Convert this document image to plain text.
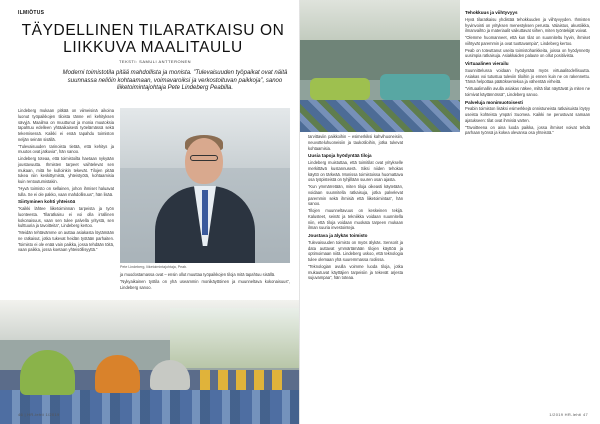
ILMIÖTUS
TÄYDELLINEN TILARATKAISU ON
LIIKKUVA MAALITAULU
TEKSTI: SAMULI ANTTERONEN
Moderni toimistotila pitää mahdollista ja monista. ”Tulevaisuuden työpaikat ovat näitä suunnassa neliöin kohtaamaan, voimavaroiksi ja verkostoituvan paikkoja”, sanoo liiketoimintajohtaja Pete Lindeberg Peabilla.

Lindeberg mukaan pitkää on viimeisinä aikoina luonut työpaikkojen tiloista tänne eri kehityksen sävyjä. Maailma on muuttunut ja monia muutoksia tapahtuu edelleen yhtäaikaisesti työelämässä sekä tekemisessä. Kaikki ei enää tapahdu toimiston neljän seinän sisällä.

”Tulevaisuuden tarinoista tietää, että kehitys ja muutos ovat jatkuvia”, hän sanoo.

Lindeberg toteaa, että toimistoilta haetaan nykyään joustavuutta. Ihmisten tarpeet vaihtelevat sen mukaan, mitä he kulloinkin tekevät. Tilojen pitää tukea niin keskittymistä, yhteistyötä, kohtaamisia kuin rentoutumistakin.

”Hyvä toimisto on sellainen, johon ihmiset haluavat tulla. Se ei ole pakko, vaan mahdollisuus”, hän lisää.

Siirtyminen kohti yhteisöä

”Kaikki lähtee liiketoiminnan tarpeista ja työn luonteesta. Tilaratkaisu ei voi olla irrallinen kokonaisuus, vaan sen tulee palvella yritystä, sen kulttuuria ja tavoitteita”, Lindeberg kertoo.

”Meidän tehtävämme on auttaa asiakasta löytämään ne ratkaisut, jotka tukevat heidän työtään parhaiten. Toimisto ei ole enää vain paikka, jossa tehdään töitä, vaan paikka, jossa koetaan yhteisöllisyyttä.”

Pete Lindeberg, liiketoimintajohtaja, Peab.

ja muodostamassa ovat – ensin ollut muuttaa työpaikkojen tiloja mitä tapahtuu sisällä.

”Nykyaikainen työtila on yhä useammin monikäyttöinen ja muunneltava kokonaisuus”, Lindeberg sanoo.

46 | HR-lehti 1/2019

tarvittaviin paikkoihin – esimerkiksi kahvihuoneisiin, neuvotteluhuoneisiin ja taukotiloihin, jotka tukevat kohtaamisia.

Uusia tapoja hyödyntää tiloja

Lindeberg muistuttaa, että toimitilat ovat yritykselle merkittävä kustannuserä. Siksi niiden tehokas käyttö on tärkeää. Monissa toimistoissa huomattava osa työpisteistä on tyhjillään suuren osan ajasta.

”Kun ymmärretään, miten tiloja oikeasti käytetään, voidaan suunnitella ratkaisuja, jotka palvelevat paremmin sekä ihmisiä että liiketoimintaa”, hän sanoo.

Tilojen muunneltavuus on keskeinen tekijä. Kalusteet, seinät ja tekniikka voidaan suunnitella niin, että tiloja voidaan muokata tarpeen mukaan ilman suuria investointeja.

Joustava ja älykäs toimisto

Tulevaisuuden toimisto on myös älykäs. Sensorit ja data auttavat ymmärtämään tilojen käyttöä ja optimoimaan niitä. Lindeberg uskoo, että teknologia tulee olemaan yhä suuremmassa roolissa.

”Teknologian avulla voimme luoda tiloja, jotka mukautuvat käyttäjien tarpeisiin ja tekevät arjesta sujuvampaa”, hän toteaa.

Tehokkuus ja viihtyvyys

Hyvä tilaratkaisu yhdistää tehokkuuden ja viihtyvyyden. Ihmisten hyvinvointi on yrityksen menestyksen perusta. Valaistus, akustiikka, ilmanvaihto ja materiaalit vaikuttavat siihen, miten työntekijät voivat.

”Olemme huomanneet, että kun tilat on suunniteltu hyvin, ihmiset viihtyvät paremmin ja ovat tuottavampia”, Lindeberg kertoo.

Peab on toteuttanut useita toimistohankkeita, joissa on hyödynnetty uusimpia ratkaisuja. Asiakkaiden palaute on ollut positiivista.

Virtuaalinen vierailu

Suunnittelussa voidaan hyödyntää myös virtuaalitodellisuutta. Asiakas voi tutustua tuleviin tiloihin jo ennen kuin ne on rakennettu. Tämä helpottaa päätöksentekoa ja vähentää virheitä.

”Virtuaalimallin avulla asiakas näkee, miltä tilat näyttävät ja miten ne toimivat käytännössä”, Lindeberg sanoo.

Palveluja monimuotoisesti

Peabin toimiston lisäksi esimerkkejä onnistuneista ratkaisuista löytyy useista kohteista ympäri Suomea. Kaikki ne perustuvat samaan ajatukseen: tilat ovat ihmisiä varten.

”Tavoitteena on aina luoda paikka, jossa ihmiset voivat tehdä parhaan työnsä ja kokea olevansa osa yhteisöä.”

1/2019 HR-lehti 47
